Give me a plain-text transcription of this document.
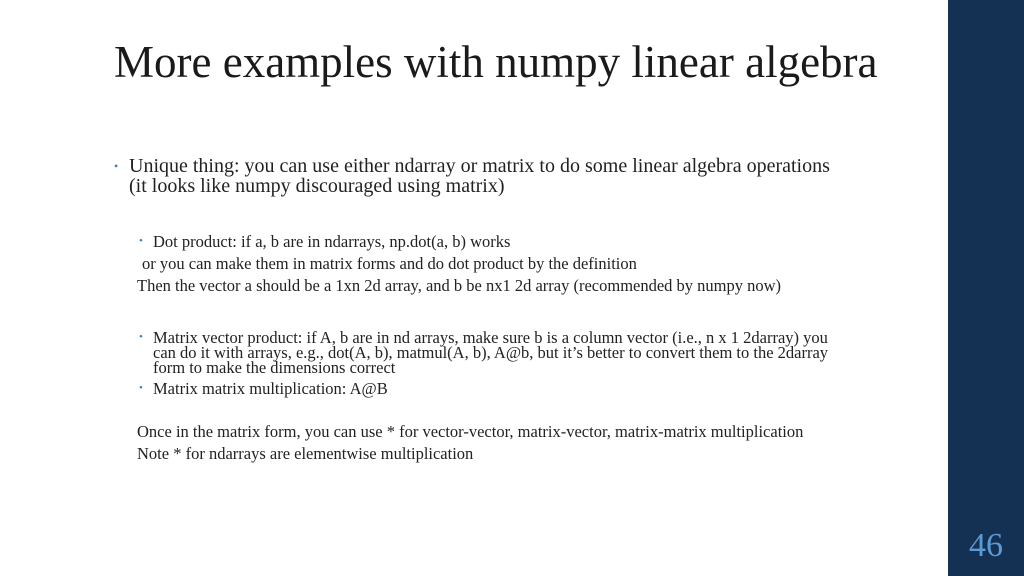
46
More examples with numpy linear algebra
• Unique thing: you can use either ndarray or matrix to do some linear algebra operations (it looks like numpy discouraged using matrix)
• Dot product: if a, b are in ndarrays, np.dot(a, b) works
or you can make them in matrix forms and do dot product by the definition
Then the vector a should be a 1xn 2d array, and b be nx1 2d array (recommended by numpy now)
• Matrix vector product: if A, b are in nd arrays, make sure b is a column vector (i.e., n x 1 2darray) you can do it with arrays, e.g., dot(A, b), matmul(A, b), A@b, but it’s better to convert them to the 2darray form to make the dimensions correct
• Matrix matrix multiplication: A@B
Once in the matrix form, you can use * for vector-vector, matrix-vector, matrix-matrix multiplication
Note * for ndarrays are elementwise multiplication
